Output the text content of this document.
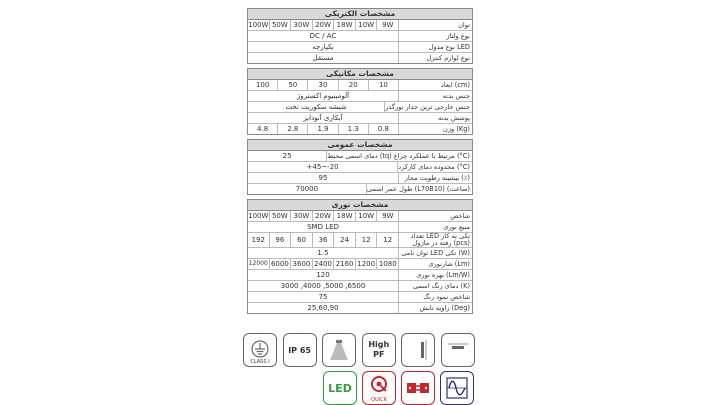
مشخصات الکتریکی
100W 50W 30W 20W 18W 10W	9W	توان
DC / AC	نوع ولتاژ
یکپارچه	نوع مدول LED
مستقل	نوع لوازم کنترل
مشخصات مکانیکی
100	50	30	20	10	ابعاد (cm)
آلومینیوم اکستروژ	جنس بدنه
شیشه سکوریت تخت	جنس خارجی ترین جدار نورگذر
آبکاری آنودایز	پوشش بدنه
4.8	2.8	1.9	1.3	0.8	وزن (Kg)
مشخصات عمومی
25	دمای اسمی محیط (tq) مرتبط با عملکرد چراغ (°C)
+45~-20	محدوده دمای کارکرد (°C)
95	بیشینه رطوبت مجاز (٪)
70000	طول عمر اسمی (L70B10) (ساعت)
مشخصات نوری
100W 50W 30W 20W 18W 10W	9W	شاخص
SMD LED	منبع نوری
192	96	60	36	24	12	12	تعداد LED تکی به کار رفته در ماژول (pcs)
1.5	توان نامی LED تکی (W)
12000 6000 3600 2400 2160 1200 1080	شارنوری (Lm)
120	بهره نوری (Lm/W)
3000 ,4000 ,5000 ,6500	دمای رنگ اسمی (K)
75	شاخص نمود رنگ
25,60,90	زاویه تابش (Deg)
CLASS I
IP 65
High PF
LED
QUICK
